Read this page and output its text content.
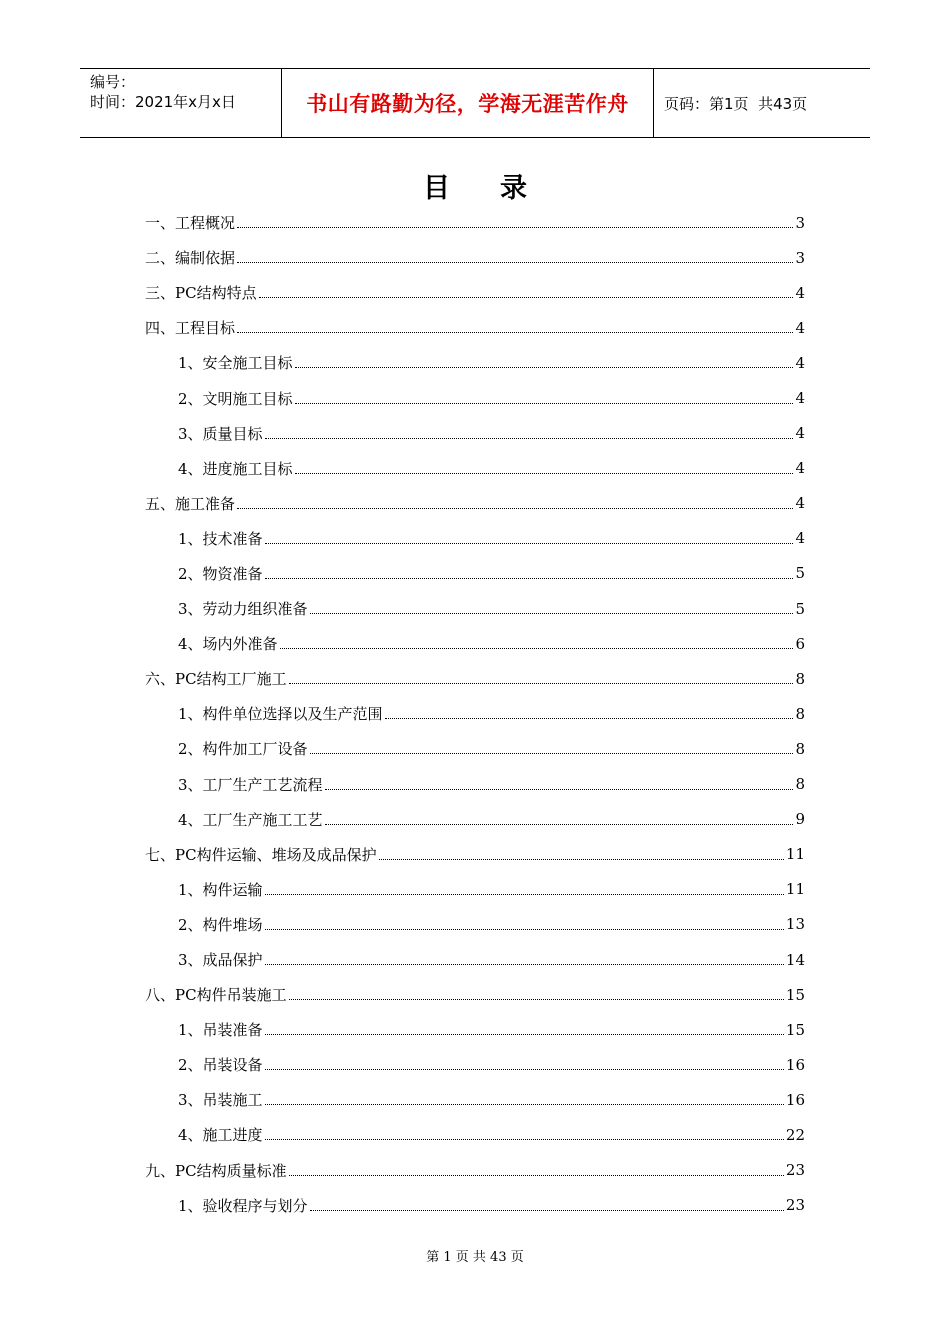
编号：
时间：2021年x月x日	书山有路勤为径，学海无涯苦作舟	页码：第1页  共43页
目录
一、工程概况	3
二、编制依据	3
三、PC结构特点	4
四、工程目标	4
1、安全施工目标	4
2、文明施工目标	4
3、质量目标	4
4、进度施工目标	4
五、施工准备	4
1、技术准备	4
2、物资准备	5
3、劳动力组织准备	5
4、场内外准备	6
六、PC结构工厂施工	8
1、构件单位选择以及生产范围	8
2、构件加工厂设备	8
3、工厂生产工艺流程	8
4、工厂生产施工工艺	9
七、PC构件运输、堆场及成品保护	11
1、构件运输	11
2、构件堆场	13
3、成品保护	14
八、PC构件吊装施工	15
1、吊装准备	15
2、吊装设备	16
3、吊装施工	16
4、施工进度	22
九、PC结构质量标准	23
1、验收程序与划分	23
第 1 页 共 43 页
